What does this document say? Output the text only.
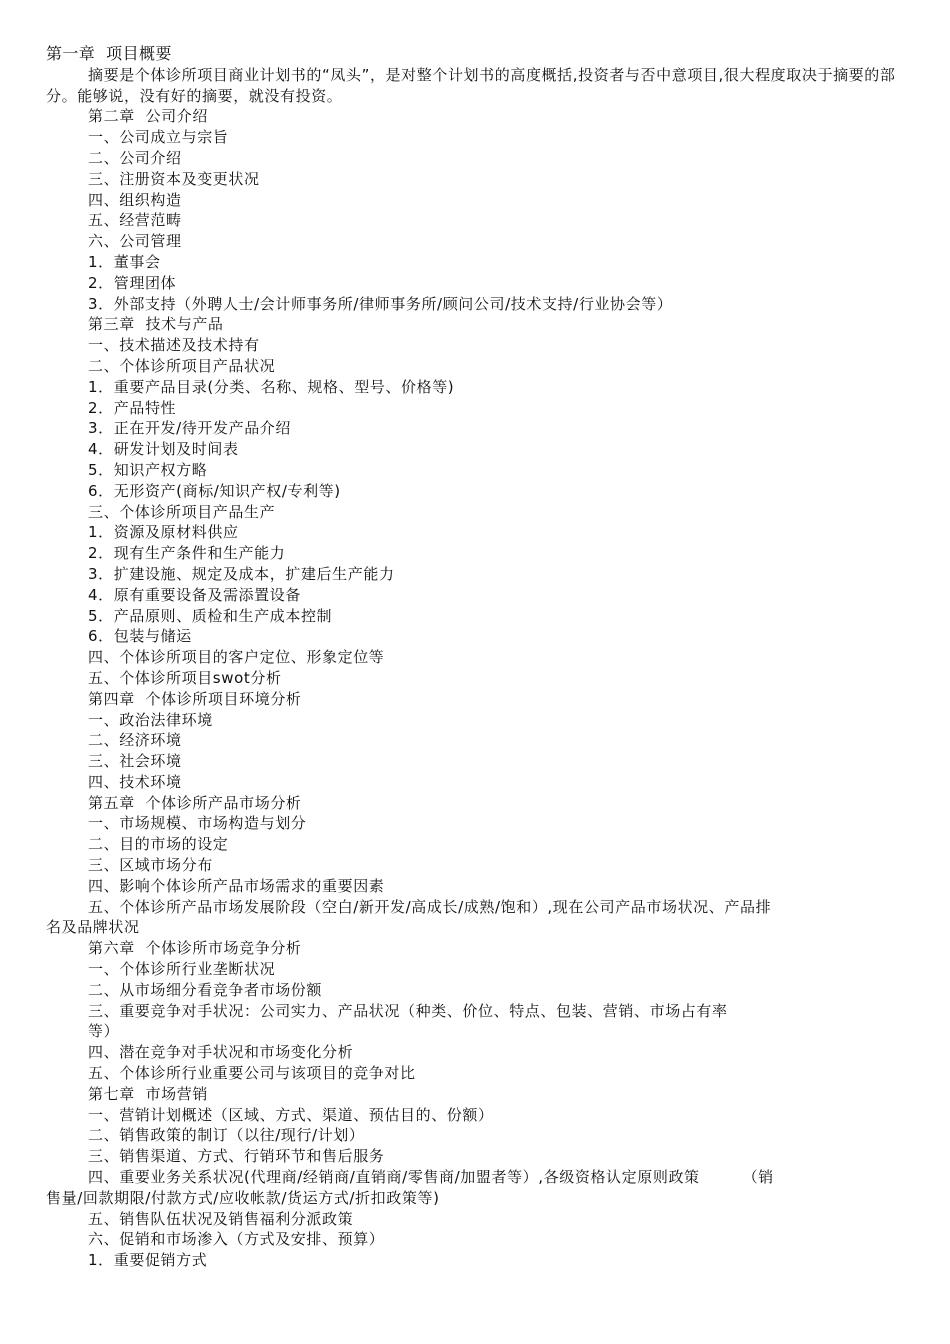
第一章  项目概要

摘要是个体诊所项目商业计划书的“凤头”，是对整个计划书的高度概括,投资者与否中意项目,很大程度取决于摘要的部分。能够说，没有好的摘要，就没有投资。

第二章  公司介绍

一、公司成立与宗旨

二、公司介绍

三、注册资本及变更状况

四、组织构造

五、经营范畴

六、公司管理

1．董事会

2．管理团体

3．外部支持（外聘人士/会计师事务所/律师事务所/顾问公司/技术支持/行业协会等）

第三章  技术与产品

一、技术描述及技术持有

二、个体诊所项目产品状况

1．重要产品目录(分类、名称、规格、型号、价格等)

2．产品特性

3．正在开发/待开发产品介绍

4．研发计划及时间表

5．知识产权方略

6．无形资产(商标/知识产权/专利等)

三、个体诊所项目产品生产

1．资源及原材料供应

2．现有生产条件和生产能力

3．扩建设施、规定及成本，扩建后生产能力

4．原有重要设备及需添置设备

5．产品原则、质检和生产成本控制

6．包装与储运

四、个体诊所项目的客户定位、形象定位等

五、个体诊所项目swot分析

第四章  个体诊所项目环境分析

一、政治法律环境

二、经济环境

三、社会环境

四、技术环境

第五章  个体诊所产品市场分析

一、市场规模、市场构造与划分

二、目的市场的设定

三、区域市场分布

四、影响个体诊所产品市场需求的重要因素

五、个体诊所产品市场发展阶段（空白/新开发/高成长/成熟/饱和）,现在公司产品市场状况、产品排

名及品牌状况

第六章  个体诊所市场竞争分析

一、个体诊所行业垄断状况

二、从市场细分看竞争者市场份额

三、重要竞争对手状况：公司实力、产品状况（种类、价位、特点、包装、营销、市场占有率

等）

四、潜在竞争对手状况和市场变化分析

五、个体诊所行业重要公司与该项目的竞争对比

第七章  市场营销

一、营销计划概述（区域、方式、渠道、预估目的、份额）

二、销售政策的制订（以往/现行/计划）

三、销售渠道、方式、行销环节和售后服务

四、重要业务关系状况(代理商/经销商/直销商/零售商/加盟者等）,各级资格认定原则政策        （销

售量/回款期限/付款方式/应收帐款/货运方式/折扣政策等)

五、销售队伍状况及销售福利分派政策

六、促销和市场渗入（方式及安排、预算）

1．重要促销方式
